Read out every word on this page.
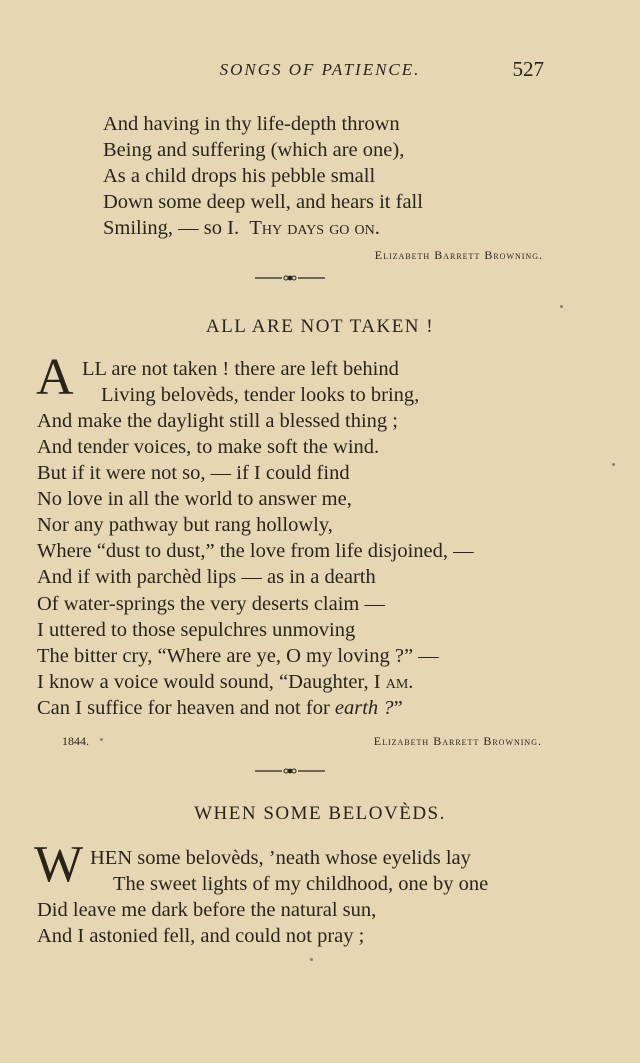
SONGS OF PATIENCE.	527
And having in thy life-depth thrown
Being and suffering (which are one),
As a child drops his pebble small
Down some deep well, and hears it fall
Smiling, — so I. Thy days go on.
Elizabeth Barrett Browning.
ALL ARE NOT TAKEN !
A LL are not taken ! there are left behind
Living belovèds, tender looks to bring,
And make the daylight still a blessed thing ;
And tender voices, to make soft the wind.
But if it were not so, — if I could find
No love in all the world to answer me,
Nor any pathway but rang hollowly,
Where “dust to dust,” the love from life disjoined, —
And if with parchèd lips — as in a dearth
Of water-springs the very deserts claim —
I uttered to those sepulchres unmoving
The bitter cry, “Where are ye, O my loving ?” —
I know a voice would sound, “Daughter, I am.
Can I suffice for heaven and not for earth ?”
1844.	Elizabeth Barrett Browning.
WHEN SOME BELOVÈDS.
W HEN some belovèds, ’neath whose eyelids lay
The sweet lights of my childhood, one by one
Did leave me dark before the natural sun,
And I astonied fell, and could not pray ;
